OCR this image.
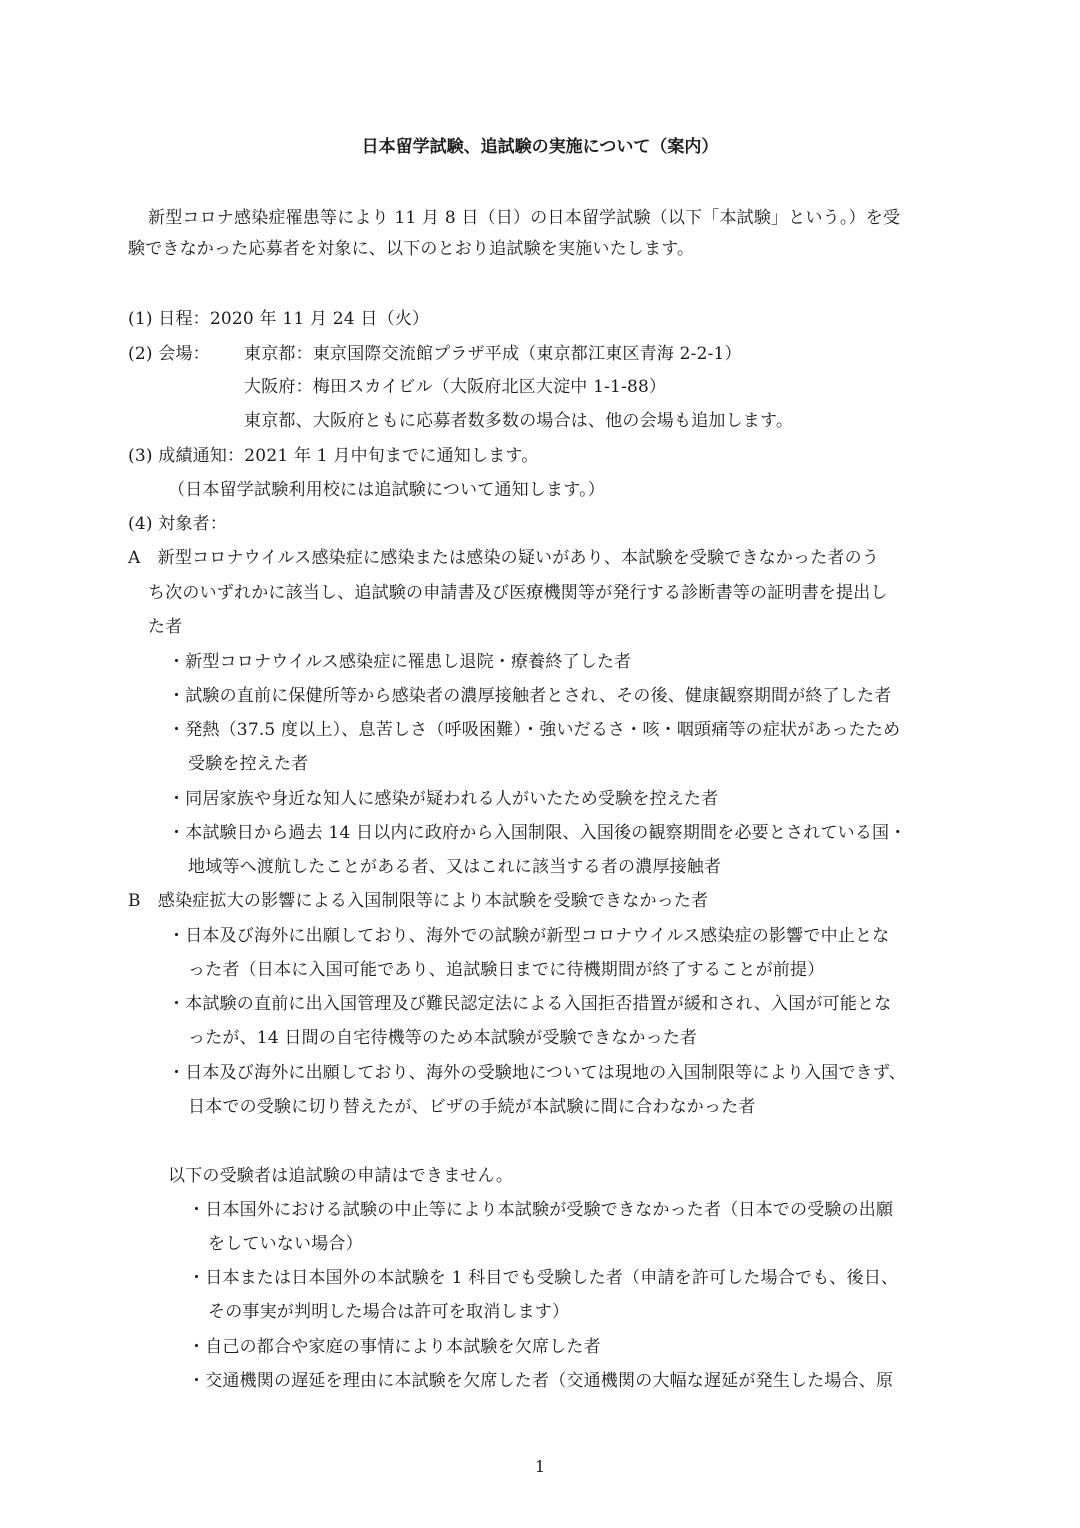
日本留学試験、追試験の実施について（案内）
新型コロナ感染症罹患等により 11 月 8 日（日）の日本留学試験（以下「本試験」という。）を受
験できなかった応募者を対象に、以下のとおり追試験を実施いたします。
(1) 日程：2020 年 11 月 24 日（火）
(2) 会場： 東京都：東京国際交流館プラザ平成（東京都江東区青海 2-2-1）
大阪府：梅田スカイビル（大阪府北区大淀中 1-1-88）
東京都、大阪府ともに応募者数多数の場合は、他の会場も追加します。
(3) 成績通知：2021 年 1 月中旬までに通知します。
（日本留学試験利用校には追試験について通知します。）
(4) 対象者：
A　新型コロナウイルス感染症に感染または感染の疑いがあり、本試験を受験できなかった者のう
ち次のいずれかに該当し、追試験の申請書及び医療機関等が発行する診断書等の証明書を提出し
た者
・新型コロナウイルス感染症に罹患し退院・療養終了した者
・試験の直前に保健所等から感染者の濃厚接触者とされ、その後、健康観察期間が終了した者
・発熱（37.5 度以上）、息苦しさ（呼吸困難）・強いだるさ・咳・咽頭痛等の症状があったため
受験を控えた者
・同居家族や身近な知人に感染が疑われる人がいたため受験を控えた者
・本試験日から過去 14 日以内に政府から入国制限、入国後の観察期間を必要とされている国・
地域等へ渡航したことがある者、又はこれに該当する者の濃厚接触者
B　感染症拡大の影響による入国制限等により本試験を受験できなかった者
・日本及び海外に出願しており、海外での試験が新型コロナウイルス感染症の影響で中止とな
った者（日本に入国可能であり、追試験日までに待機期間が終了することが前提）
・本試験の直前に出入国管理及び難民認定法による入国拒否措置が緩和され、入国が可能とな
ったが、14 日間の自宅待機等のため本試験が受験できなかった者
・日本及び海外に出願しており、海外の受験地については現地の入国制限等により入国できず、
日本での受験に切り替えたが、ビザの手続が本試験に間に合わなかった者
以下の受験者は追試験の申請はできません。
・日本国外における試験の中止等により本試験が受験できなかった者（日本での受験の出願
をしていない場合）
・日本または日本国外の本試験を 1 科目でも受験した者（申請を許可した場合でも、後日、
その事実が判明した場合は許可を取消します）
・自己の都合や家庭の事情により本試験を欠席した者
・交通機関の遅延を理由に本試験を欠席した者（交通機関の大幅な遅延が発生した場合、原
1
